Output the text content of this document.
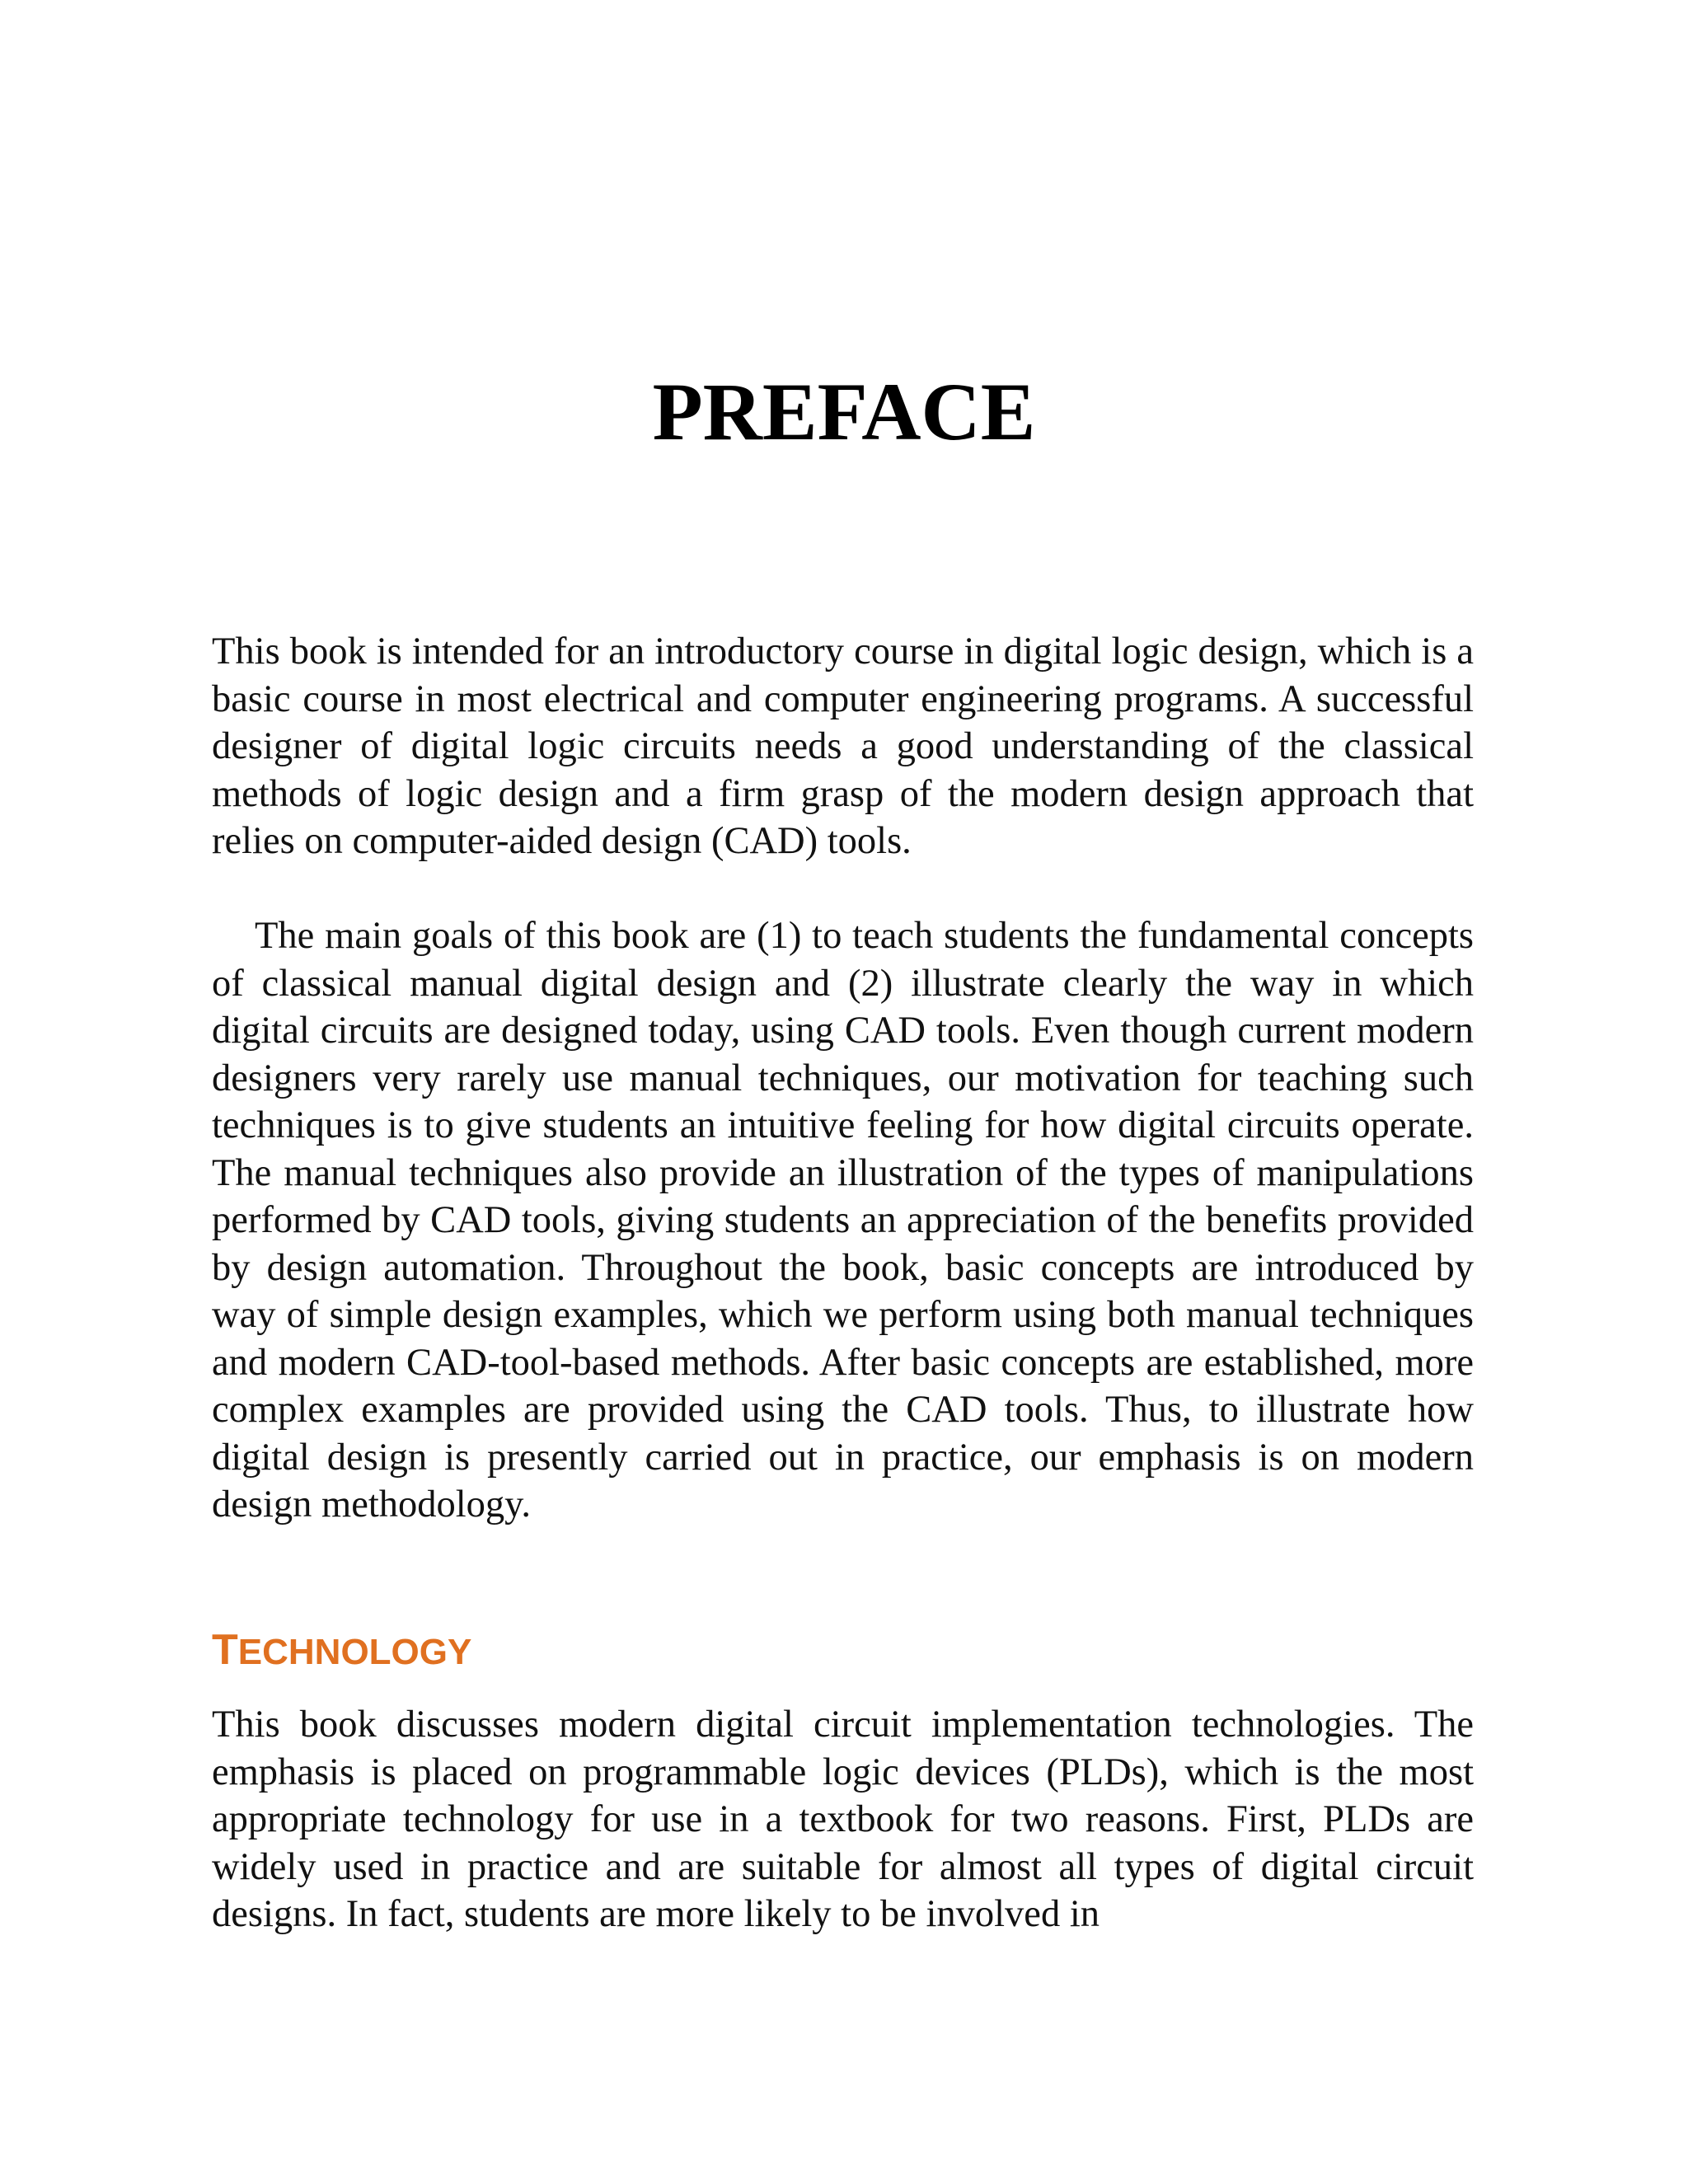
PREFACE

This book is intended for an introductory course in digital logic design, which is a basic course in most electrical and computer engineering programs. A successful designer of digital logic circuits needs a good understanding of the classical methods of logic design and a firm grasp of the modern design approach that relies on computer-aided design (CAD) tools.

The main goals of this book are (1) to teach students the fundamental concepts of classical manual digital design and (2) illustrate clearly the way in which digital circuits are designed today, using CAD tools. Even though current modern designers very rarely use manual techniques, our motivation for teaching such techniques is to give students an intuitive feeling for how digital circuits operate. The manual techniques also provide an illustration of the types of manipulations performed by CAD tools, giving students an appreciation of the benefits provided by design automation. Throughout the book, basic concepts are introduced by way of simple design examples, which we perform using both manual techniques and modern CAD-tool-based methods. After basic concepts are established, more complex examples are provided using the CAD tools. Thus, to illustrate how digital design is presently carried out in practice, our emphasis is on modern design methodology.

TECHNOLOGY

This book discusses modern digital circuit implementation technologies. The emphasis is placed on programmable logic devices (PLDs), which is the most appropriate technology for use in a textbook for two reasons. First, PLDs are widely used in practice and are suitable for almost all types of digital circuit designs. In fact, students are more likely to be involved in
